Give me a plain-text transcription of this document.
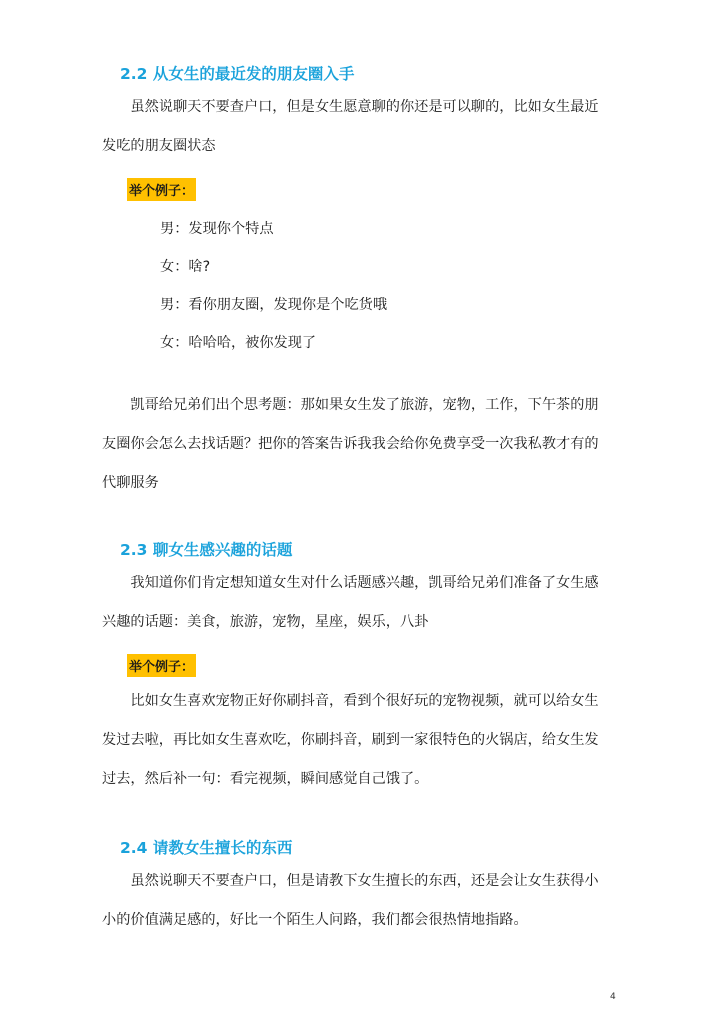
2.2 从女生的最近发的朋友圈入手
　　虽然说聊天不要查户口，但是女生愿意聊的你还是可以聊的，比如女生最近
发吃的朋友圈状态
举个例子：
男：发现你个特点
女：啥?
男：看你朋友圈，发现你是个吃货哦
女：哈哈哈，被你发现了
　　凯哥给兄弟们出个思考题：那如果女生发了旅游，宠物，工作，下午茶的朋
友圈你会怎么去找话题？把你的答案告诉我我会给你免费享受一次我私教才有的
代聊服务
2.3 聊女生感兴趣的话题
　　我知道你们肯定想知道女生对什么话题感兴趣，凯哥给兄弟们准备了女生感
兴趣的话题：美食，旅游，宠物，星座，娱乐，八卦
举个例子：
　　比如女生喜欢宠物正好你刷抖音，看到个很好玩的宠物视频，就可以给女生
发过去啦，再比如女生喜欢吃，你刷抖音，刷到一家很特色的火锅店，给女生发
过去，然后补一句：看完视频，瞬间感觉自己饿了。
2.4 请教女生擅长的东西
　　虽然说聊天不要查户口，但是请教下女生擅长的东西，还是会让女生获得小
小的价值满足感的，好比一个陌生人问路，我们都会很热情地指路。
4
